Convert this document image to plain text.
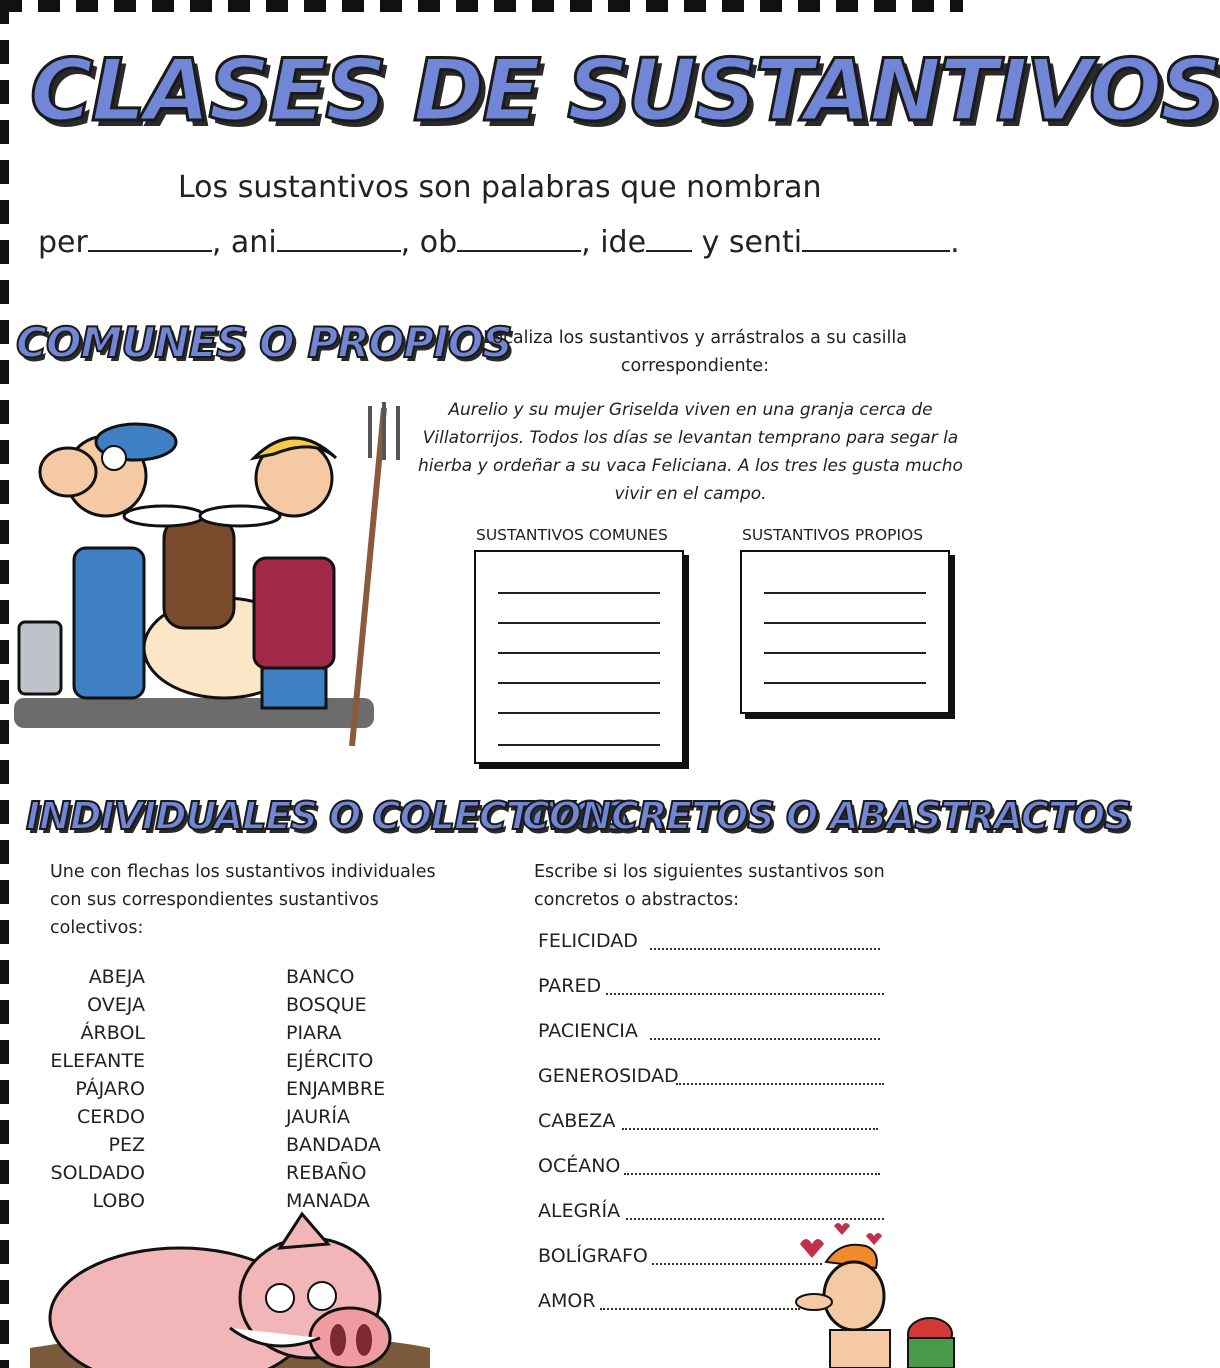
CLASES DE SUSTANTIVOS
Los sustantivos son palabras que nombran
per	, ani	, ob	, ide y senti	.
COMUNES O PROPIOS
Localiza los sustantivos y arrástralos a su casilla correspondiente:
Aurelio y su mujer Griselda viven en una granja cerca de Villatorrijos. Todos los días se levantan temprano para segar la hierba y ordeñar a su vaca Feliciana. A los tres les gusta mucho vivir en el campo.
SUSTANTIVOS COMUNES	SUSTANTIVOS PROPIOS
INDIVIDUALES O COLECTIVOS
Une con flechas los sustantivos individuales con sus correspondientes sustantivos colectivos:
ABEJA
OVEJA
ÁRBOL
ELEFANTE
PÁJARO
CERDO
PEZ
SOLDADO
LOBO
BANCO
BOSQUE
PIARA
EJÉRCITO
ENJAMBRE
JAURÍA
BANDADA
REBAÑO
MANADA
CONCRETOS O ABASTRACTOS
Escribe si los siguientes sustantivos son concretos o abstractos:
FELICIDAD
PARED
PACIENCIA
GENEROSIDAD
CABEZA
OCÉANO
ALEGRÍA
BOLÍGRAFO
AMOR
